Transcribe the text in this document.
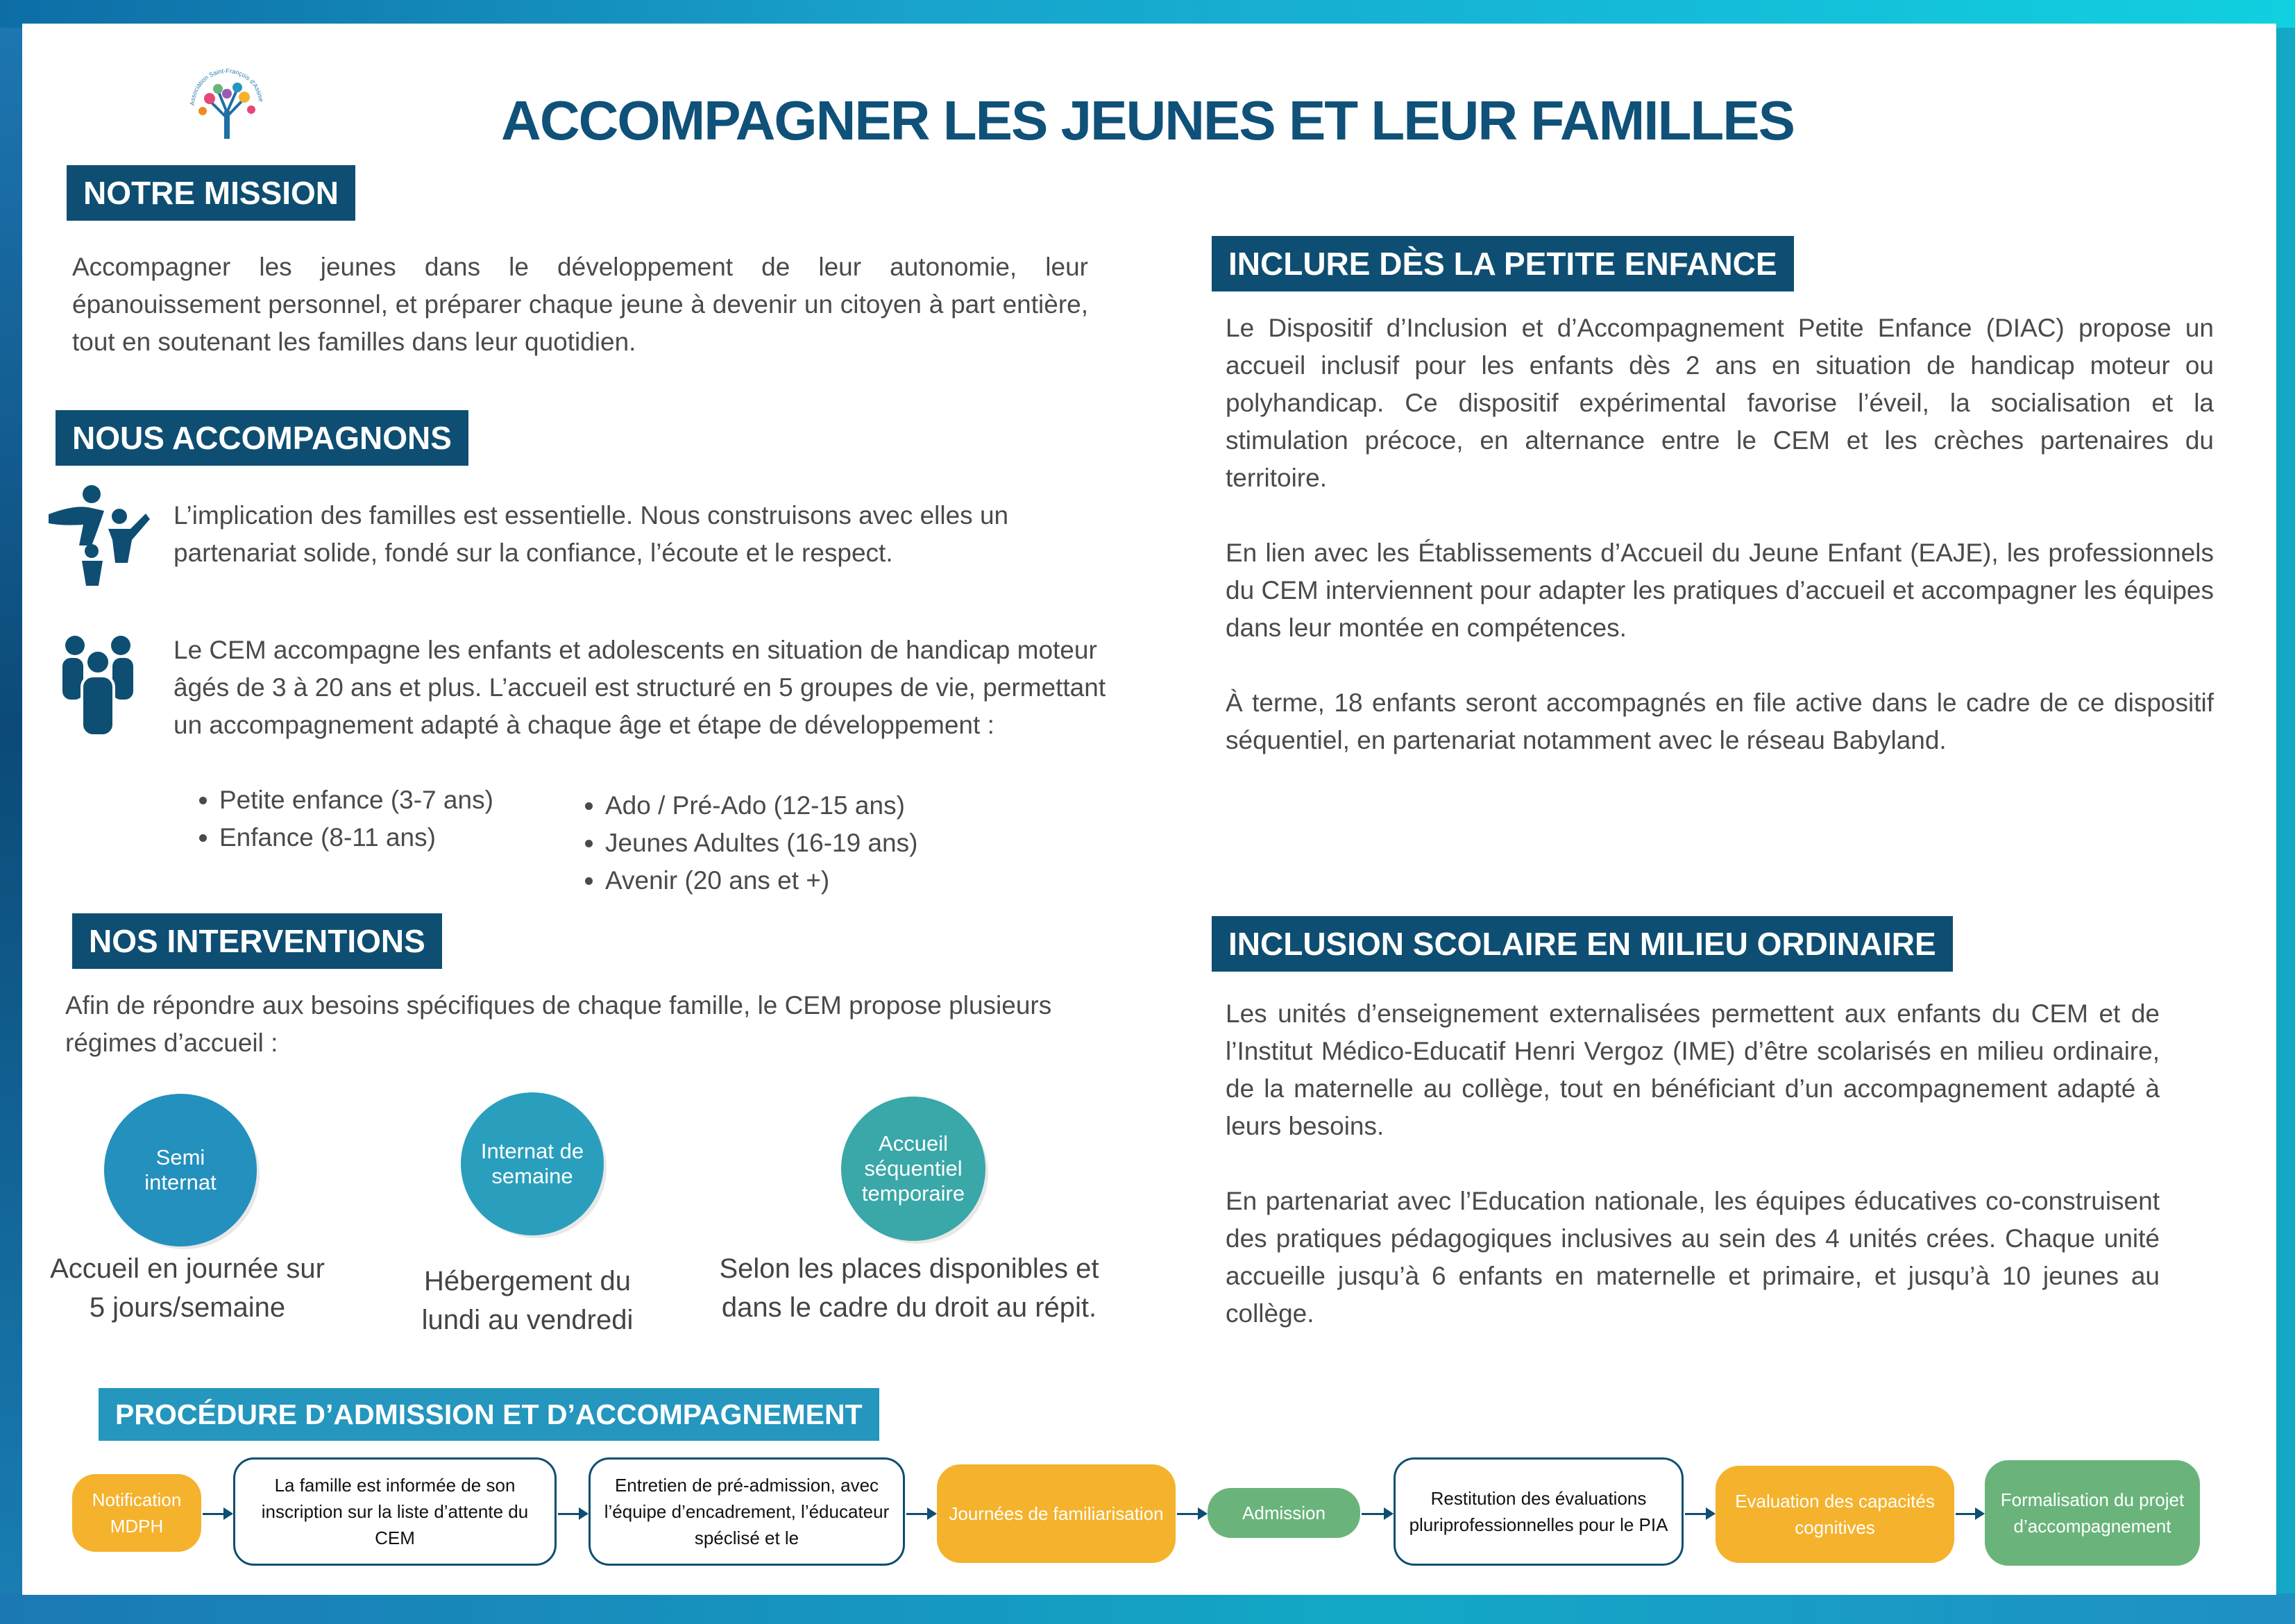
Association Saint-François d'Assise	ACCOMPAGNER LES JEUNES ET LEUR FAMILLES
NOTRE MISSION
Accompagner les jeunes dans le développement de leur autonomie, leur épanouissement personnel, et préparer chaque jeune à devenir un citoyen à part entière, tout en soutenant les familles dans leur quotidien.
NOUS ACCOMPAGNONS
L’implication des familles est essentielle. Nous construisons avec elles un partenariat solide, fondé sur la confiance, l’écoute et le respect.
Le CEM accompagne les enfants et adolescents en situation de handicap moteur âgés de 3 à 20 ans et plus. L’accueil est structuré en 5 groupes de vie, permettant un accompagnement adapté à chaque âge et étape de développement :
• Petite enfance (3-7 ans)
• Enfance (8-11 ans)
• Ado / Pré-Ado (12-15 ans)
• Jeunes Adultes (16-19 ans)
• Avenir (20 ans et +)
NOS INTERVENTIONS
Afin de répondre aux besoins spécifiques de chaque famille, le CEM propose plusieurs régimes d’accueil :
Semi internat
Accueil en journée sur 5 jours/semaine
Internat de semaine
Hébergement du lundi au vendredi
Accueil séquentiel temporaire
Selon les places disponibles et dans le cadre du droit au répit.
INCLURE DÈS LA PETITE ENFANCE

Le Dispositif d’Inclusion et d’Accompagnement Petite Enfance (DIAC) propose un accueil inclusif pour les enfants dès 2 ans en situation de handicap moteur ou polyhandicap. Ce dispositif expérimental favorise l’éveil, la socialisation et la stimulation précoce, en alternance entre le CEM et les crèches partenaires du territoire.

En lien avec les Établissements d’Accueil du Jeune Enfant (EAJE), les professionnels du CEM interviennent pour adapter les pratiques d’accueil et accompagner les équipes dans leur montée en compétences.

À terme, 18 enfants seront accompagnés en file active dans le cadre de ce dispositif séquentiel, en partenariat notamment avec le réseau Babyland.

INCLUSION SCOLAIRE EN MILIEU ORDINAIRE

Les unités d’enseignement externalisées permettent aux enfants du CEM et de l’Institut Médico-Educatif Henri Vergoz (IME) d’être scolarisés en milieu ordinaire, de la maternelle au collège, tout en bénéficiant d’un accompagnement adapté à leurs besoins.

En partenariat avec l’Education nationale, les équipes éducatives co-construisent des pratiques pédagogiques inclusives au sein des 4 unités crées. Chaque unité accueille jusqu’à 6 enfants en maternelle et primaire, et jusqu’à 10 jeunes au collège.

PROCÉDURE D’ADMISSION ET D’ACCOMPAGNEMENT
Notification MDPH
La famille est informée de son inscription sur la liste d’attente du CEM
Entretien de pré-admission, avec l’équipe d’encadrement, l’éducateur spéclisé et le
Journées de familiarisation	Admission
Restitution des évaluations pluriprofessionnelles pour le PIA
Evaluation des capacités cognitives
Formalisation du projet d’accompagnement
